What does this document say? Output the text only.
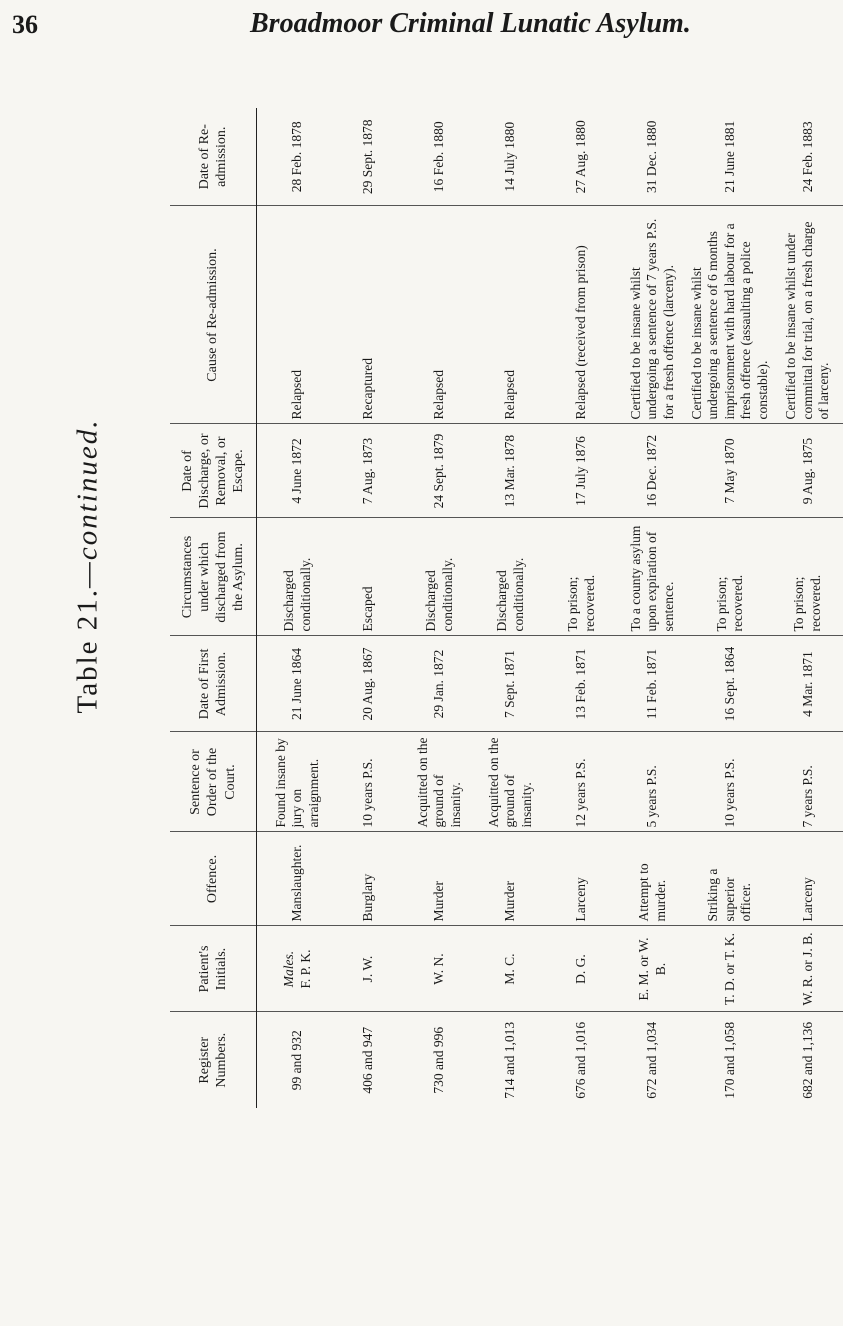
36	Broadmoor Criminal Lunatic Asylum.
Table 21.—continued.
Register Numbers.	Patient's Initials.	Offence.	Sentence or Order of the Court.	Date of First Admission.	Circumstances under which discharged from the Asylum.	Date of Discharge, or Removal, or Escape.	Cause of Re-admission.	Date of Re-admission.
99 and 932	Males. F. P. K.	Manslaughter.	Found insane by jury on arraignment.	21 June 1864	Discharged conditionally.	4 June 1872	Relapsed	28 Feb. 1878
406 and 947	J. W.	Burglary	10 years P.S.	20 Aug. 1867	Escaped	7 Aug. 1873	Recaptured	29 Sept. 1878
730 and 996	W. N.	Murder	Acquitted on the ground of insanity.	29 Jan. 1872	Discharged conditionally.	24 Sept. 1879	Relapsed	16 Feb. 1880
714 and 1,013	M. C.	Murder	Acquitted on the ground of insanity.	7 Sept. 1871	Discharged conditionally.	13 Mar. 1878	Relapsed	14 July 1880
676 and 1,016	D. G.	Larceny	12 years P.S.	13 Feb. 1871	To prison; recovered.	17 July 1876	Relapsed (received from prison)	27 Aug. 1880
672 and 1,034	E. M. or W. B.	Attempt to murder.	5 years P.S.	11 Feb. 1871	To a county asylum upon expiration of sentence.	16 Dec. 1872	Certified to be insane whilst undergoing a sentence of 7 years P.S. for a fresh offence (larceny).	31 Dec. 1880
170 and 1,058	T. D. or T. K.	Striking a superior officer.	10 years P.S.	16 Sept. 1864	To prison; recovered.	7 May 1870	Certified to be insane whilst undergoing a sentence of 6 months imprisonment with hard labour for a fresh offence (assaulting a police constable).	21 June 1881
682 and 1,136	W. R. or J. B.	Larceny	7 years P.S.	4 Mar. 1871	To prison; recovered.	9 Aug. 1875	Certified to be insane whilst under committal for trial, on a fresh charge of larceny.	24 Feb. 1883
